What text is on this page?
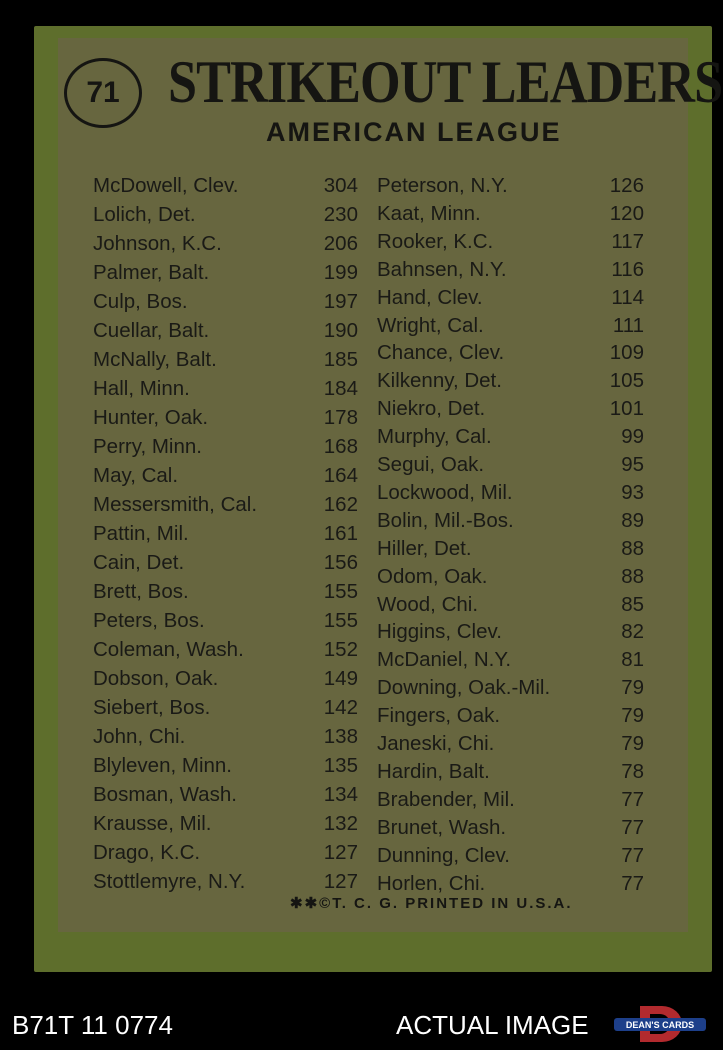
71 STRIKEOUT LEADERS
AMERICAN LEAGUE
McDowell, Clev.	304
Lolich, Det.	230
Johnson, K.C.	206
Palmer, Balt.	199
Culp, Bos.	197
Cuellar, Balt.	190
McNally, Balt.	185
Hall, Minn.	184
Hunter, Oak.	178
Perry, Minn.	168
May, Cal.	164
Messersmith, Cal.	162
Pattin, Mil.	161
Cain, Det.	156
Brett, Bos.	155
Peters, Bos.	155
Coleman, Wash.	152
Dobson, Oak.	149
Siebert, Bos.	142
John, Chi.	138
Blyleven, Minn.	135
Bosman, Wash.	134
Krausse, Mil.	132
Drago, K.C.	127
Stottlemyre, N.Y.	127
Peterson, N.Y.	126
Kaat, Minn.	120
Rooker, K.C.	117
Bahnsen, N.Y.	116
Hand, Clev.	114
Wright, Cal.	111
Chance, Clev.	109
Kilkenny, Det.	105
Niekro, Det.	101
Murphy, Cal.	99
Segui, Oak.	95
Lockwood, Mil.	93
Bolin, Mil.-Bos.	89
Hiller, Det.	88
Odom, Oak.	88
Wood, Chi.	85
Higgins, Clev.	82
McDaniel, N.Y.	81
Downing, Oak.-Mil.	79
Fingers, Oak.	79
Janeski, Chi.	79
Hardin, Balt.	78
Brabender, Mil.	77
Brunet, Wash.	77
Dunning, Clev.	77
Horlen, Chi.	77
✱✱©T. C. G. PRINTED IN U.S.A.
B71T 11 0774	ACTUAL IMAGE	DEAN'S CARDS
